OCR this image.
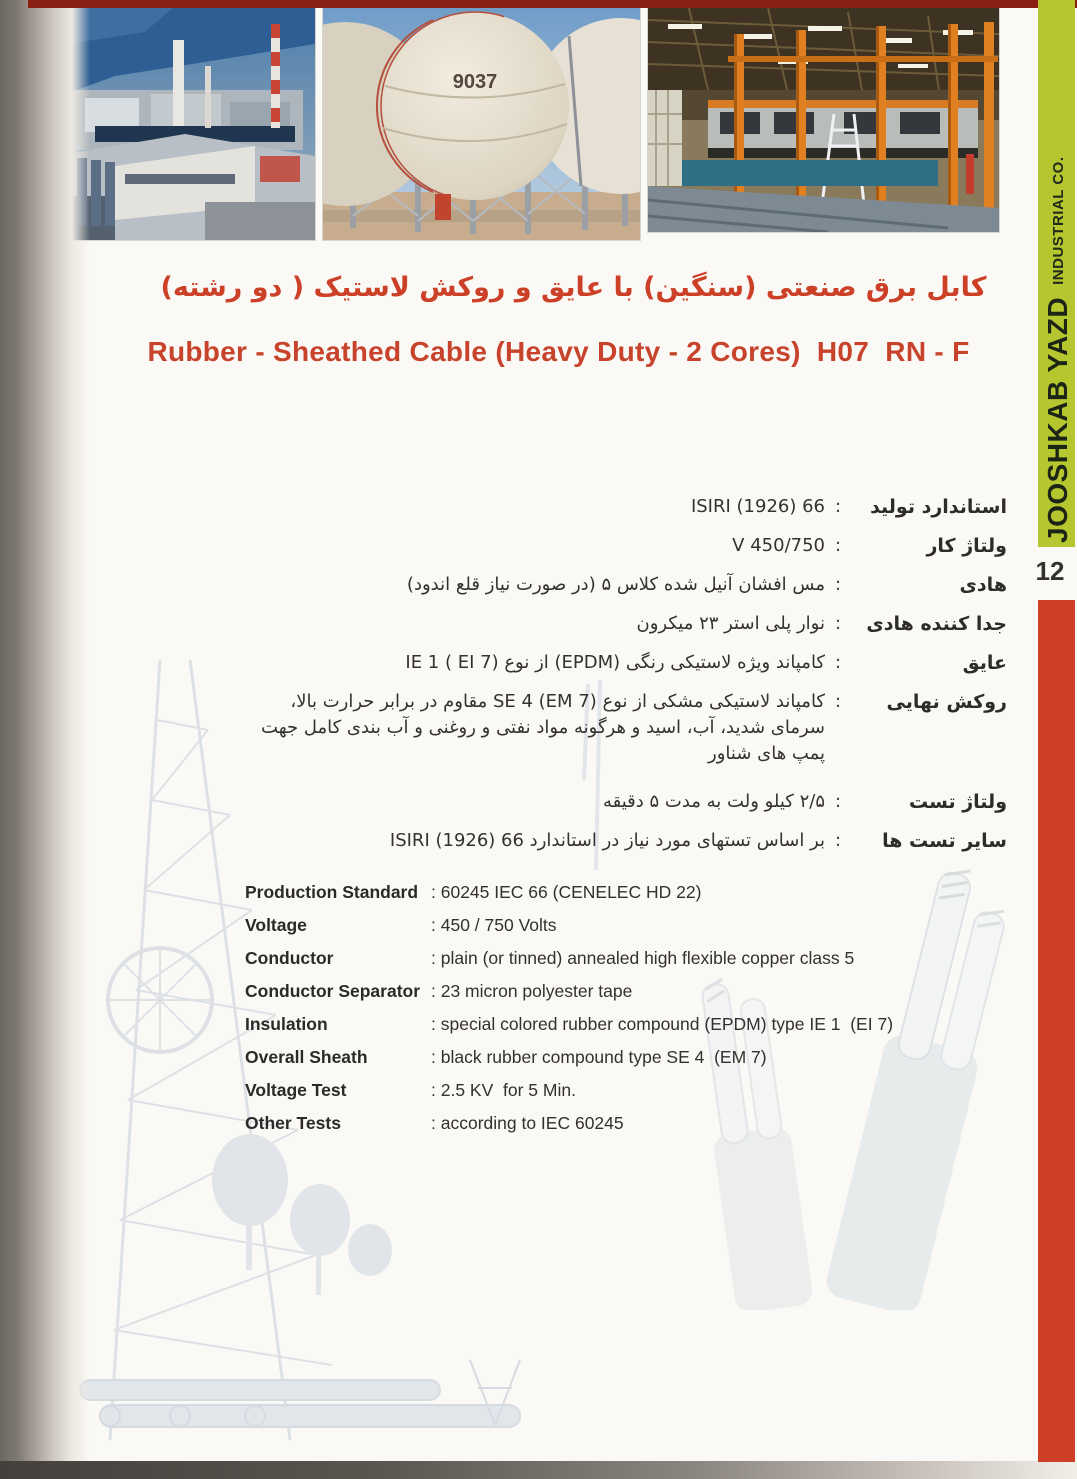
9037
JOOSHKAB YAZD
INDUSTRIAL CO.
12
کابل برق صنعتی (سنگین) با عایق و روکش لاستیک ( دو رشته)
Rubber - Sheathed Cable (Heavy Duty - 2 Cores)  H07  RN - F
استاندارد تولید
:
ISIRI (1926) 66
ولتاژ کار
:
450/750 V
هادی
:
مس افشان آنیل شده کلاس ۵ (در صورت نیاز قلع اندود)
جدا کننده هادی
:
نوار پلی استر ۲۳ میکرون
عایق
:
کامپاند ویژه لاستیکی رنگی (EPDM) از نوع ‎IE 1 ( EI 7)‎
روکش نهایی
:
کامپاند لاستیکی مشکی از نوع ‎SE 4 (EM 7)‎ مقاوم در برابر حرارت بالا، سرمای شدید، آب، اسید و هرگونه مواد نفتی و روغنی و آب بندی کامل جهت پمپ های شناور
ولتاژ تست
:
۲/۵ کیلو ولت به مدت ۵ دقیقه
سایر تست ها
:
بر اساس تستهای مورد نیاز در استاندارد ‎ISIRI (1926) 66‎
Production Standard : 60245 IEC 66 (CENELEC HD 22)
Voltage	: 450 / 750 Volts
Conductor	: plain (or tinned) annealed high flexible copper class 5
Conductor Separator : 23 micron polyester tape
Insulation	: special colored rubber compound (EPDM) type IE 1  (EI 7)
Overall Sheath	: black rubber compound type SE 4  (EM 7)
Voltage Test	: 2.5 KV  for 5 Min.
Other Tests	: according to IEC 60245
